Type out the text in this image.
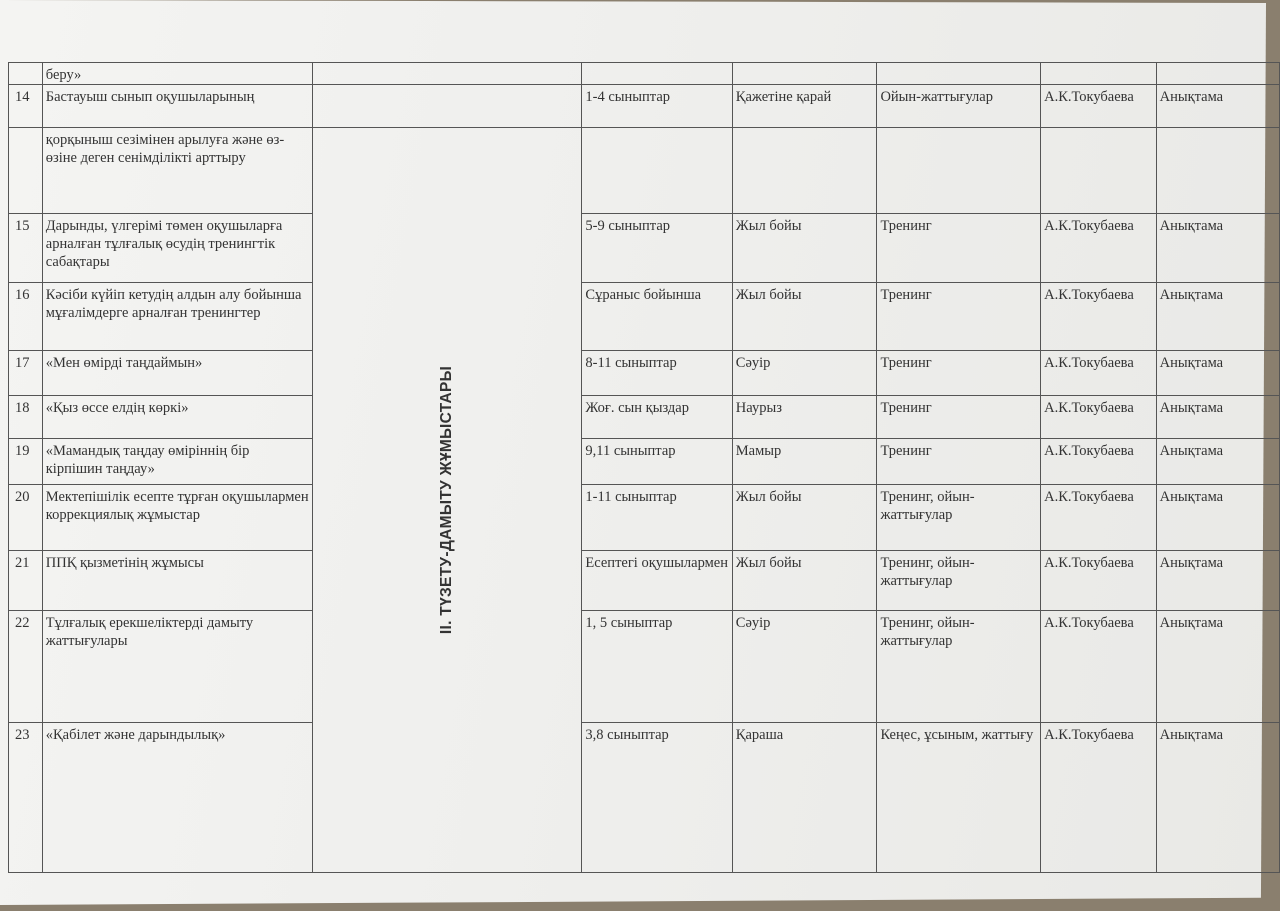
	беру»						
14	Бастауыш сынып оқушыларының		1-4 сыныптар	Қажетіне қарай	Ойын-жаттығулар	А.К.Токубаева	Анықтама
	қорқыныш сезімінен арылуға және өз-өзіне деген сенімділікті арттыру	ІІ. ТҮЗЕТУ-ДАМЫТУ ЖҰМЫСТАРЫ					
15	Дарынды, үлгерімі төмен оқушыларға арналған тұлғалық өсудің тренингтік сабақтары		5-9 сыныптар	Жыл бойы	Тренинг	А.К.Токубаева	Анықтама
16	Кәсіби күйіп кетудің алдын алу бойынша мұғалімдерге арналған тренингтер		Сұраныс бойынша	Жыл бойы	Тренинг	А.К.Токубаева	Анықтама
17	«Мен өмірді таңдаймын»		8-11 сыныптар	Сәуір	Тренинг	А.К.Токубаева	Анықтама
18	«Қыз өссе елдің көркі»		Жоғ. сын қыздар	Наурыз	Тренинг	А.К.Токубаева	Анықтама
19	«Мамандық таңдау өміріннің бір кірпішин таңдау»		9,11 сыныптар	Мамыр	Тренинг	А.К.Токубаева	Анықтама
20	Мектепішілік есепте тұрған оқушылармен коррекциялық жұмыстар		1-11 сыныптар	Жыл бойы	Тренинг, ойын-жаттығулар	А.К.Токубаева	Анықтама
21	ППҚ қызметінің жұмысы		Есептегі оқушылармен	Жыл бойы	Тренинг, ойын-жаттығулар	А.К.Токубаева	Анықтама
22	Тұлғалық ерекшеліктерді дамыту жаттығулары		1, 5 сыныптар	Сәуір	Тренинг, ойын-жаттығулар	А.К.Токубаева	Анықтама
23	«Қабілет және дарындылық»		3,8 сыныптар	Қараша	Кеңес, ұсыным, жаттығу	А.К.Токубаева	Анықтама
